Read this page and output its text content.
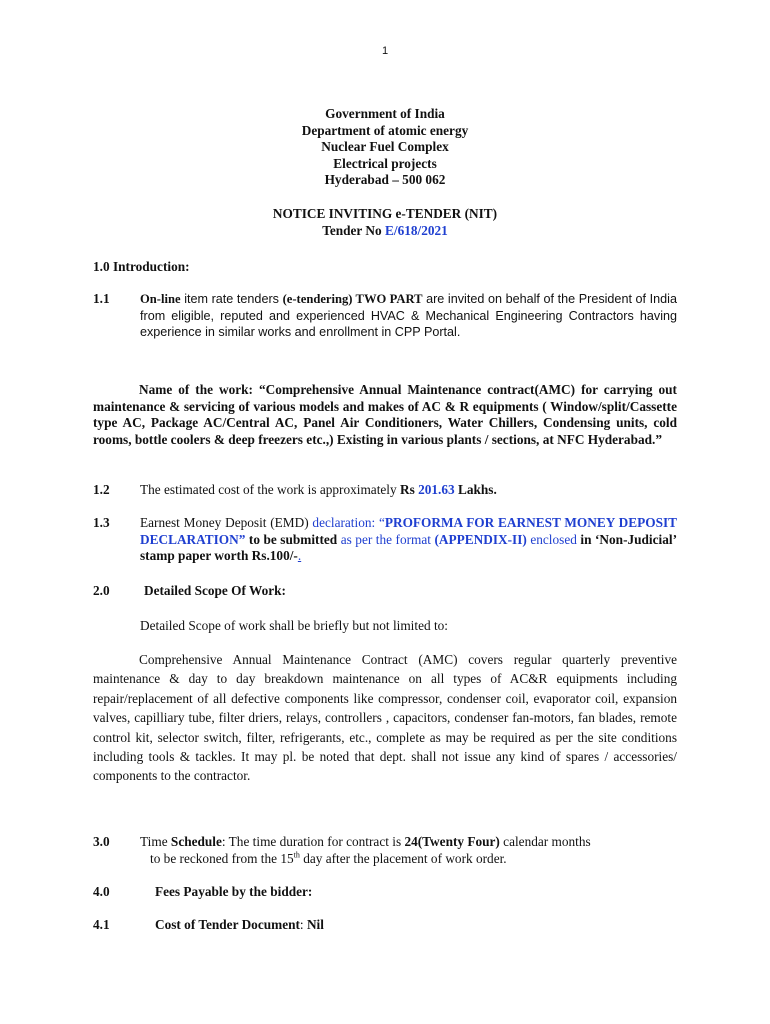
1
Government of India
Department of atomic energy
Nuclear Fuel Complex
Electrical projects
Hyderabad – 500 062
NOTICE INVITING e-TENDER (NIT)
Tender No E/618/2021
1.0 Introduction:
1.1 On-line item rate tenders (e-tendering) TWO PART are invited on behalf of the President of India from eligible, reputed and experienced HVAC & Mechanical Engineering Contractors having experience in similar works and enrollment in CPP Portal.
Name of the work: “Comprehensive Annual Maintenance contract(AMC) for carrying out maintenance & servicing of various models and makes of AC & R equipments ( Window/split/Cassette type AC, Package AC/Central AC, Panel Air Conditioners, Water Chillers, Condensing units, cold rooms, bottle coolers & deep freezers etc.,) Existing in various plants / sections, at NFC Hyderabad.”
1.2 The estimated cost of the work is approximately Rs 201.63 Lakhs.
1.3 Earnest Money Deposit (EMD) declaration: “PROFORMA FOR EARNEST MONEY DEPOSIT DECLARATION” to be submitted as per the format (APPENDIX-II) enclosed in ‘Non-Judicial’ stamp paper worth Rs.100/-.
2.0	Detailed Scope Of Work:
Detailed Scope of work shall be briefly but not limited to:
Comprehensive Annual Maintenance Contract (AMC) covers regular quarterly preventive maintenance & day to day breakdown maintenance on all types of AC&R equipments including repair/replacement of all defective components like compressor, condenser coil, evaporator coil, expansion valves, capilliary tube, filter driers, relays, controllers , capacitors, condenser fan-motors, fan blades, remote control kit, selector switch, filter, refrigerants, etc., complete as may be required as per the site conditions including tools & tackles. It may pl. be noted that dept. shall not issue any kind of spares / accessories/ components to the contractor.
3.0 Time Schedule: The time duration for contract is 24(Twenty Four) calendar months
to be reckoned from the 15th day after the placement of work order.
4.0	Fees Payable by the bidder:
4.1	Cost of Tender Document: Nil
